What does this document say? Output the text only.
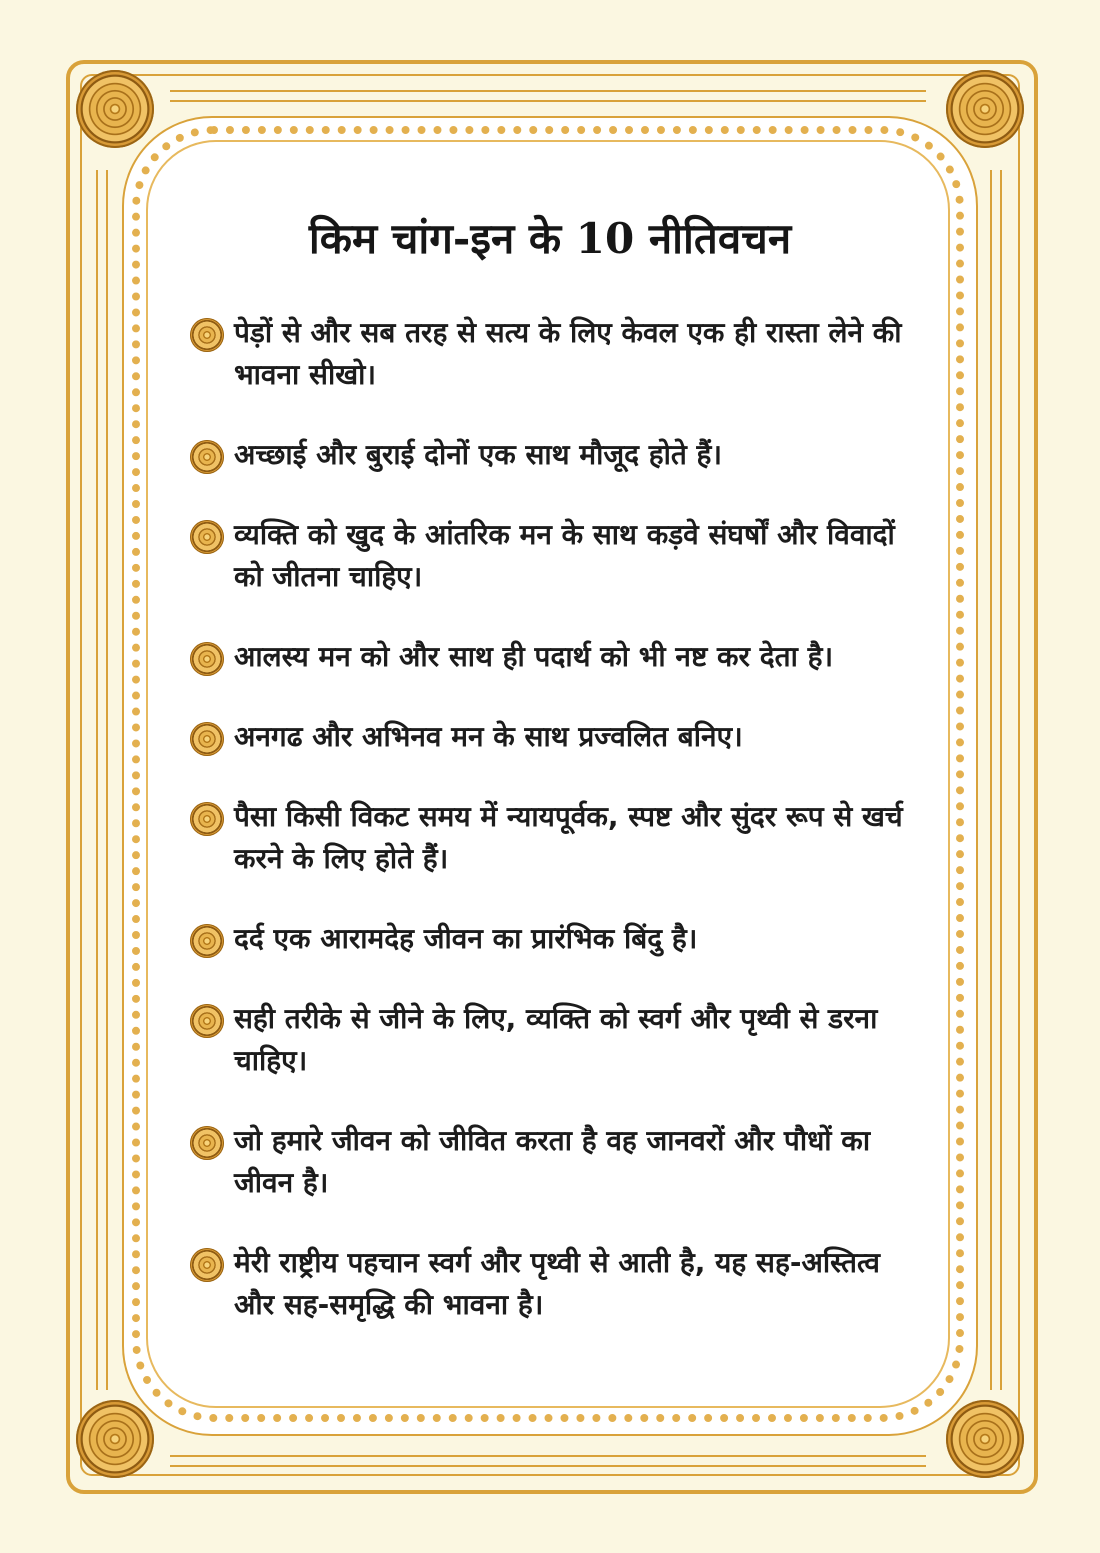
किम चांग-इन के 10 नीतिवचन
पेड़ों से और सब तरह से सत्य के लिए केवल एक ही रास्ता लेने की भावना सीखो।
अच्छाई और बुराई दोनों एक साथ मौजूद होते हैं।
व्यक्ति को खुद के आंतरिक मन के साथ कड़वे संघर्षों और विवादों को जीतना चाहिए।
आलस्य मन को और साथ ही पदार्थ को भी नष्ट कर देता है।
अनगढ और अभिनव मन के साथ प्रज्वलित बनिए।
पैसा किसी विकट समय में न्यायपूर्वक, स्पष्ट और सुंदर रूप से खर्च करने के लिए होते हैं।
दर्द एक आरामदेह जीवन का प्रारंभिक बिंदु है।
सही तरीके से जीने के लिए, व्यक्ति को स्वर्ग और पृथ्वी से डरना चाहिए।
जो हमारे जीवन को जीवित करता है वह जानवरों और पौधों का जीवन है।
मेरी राष्ट्रीय पहचान स्वर्ग और पृथ्वी से आती है, यह सह-अस्तित्व और सह-समृद्धि की भावना है।
